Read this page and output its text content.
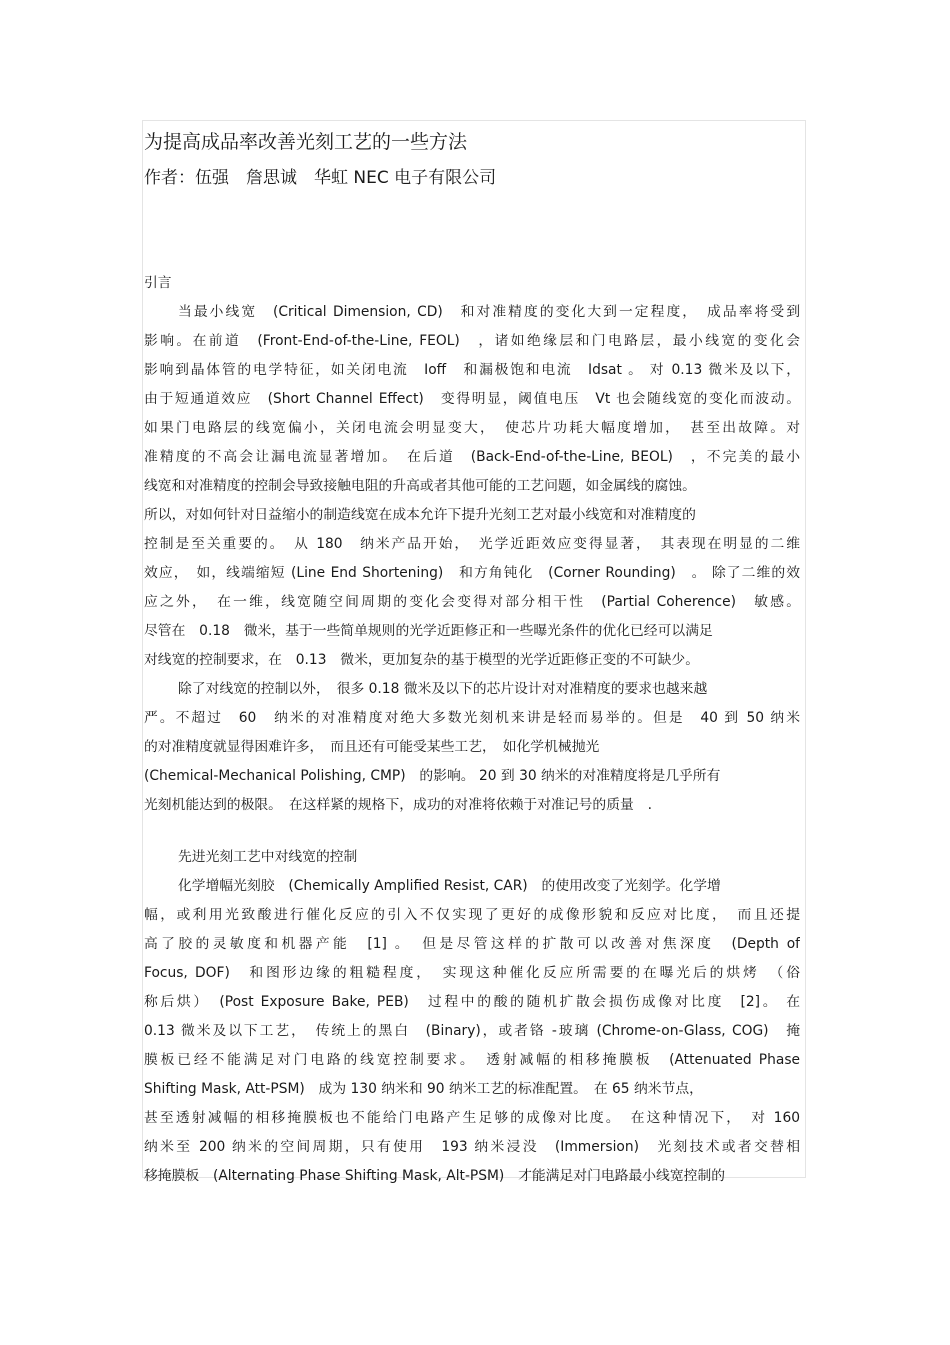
为提高成品率改善光刻工艺的一些方法
作者：伍强　詹思诚　华虹 NEC 电子有限公司
引言
当最小线宽　(Critical Dimension, CD)　和对准精度的变化大到一定程度，　成品率将受到
影响。在前道　(Front-End-of-the-Line, FEOL)　，诸如绝缘层和门电路层，最小线宽的变化会
影响到晶体管的电学特征，如关闭电流　Ioff　和漏极饱和电流　Idsat 。 对 0.13 微米及以下，
由于短通道效应　(Short Channel Effect)　变得明显，阈值电压　Vt 也会随线宽的变化而波动。
如果门电路层的线宽偏小，关闭电流会明显变大，　使芯片功耗大幅度增加，　甚至出故障。对
准精度的不高会让漏电流显著增加。　在后道　(Back-End-of-the-Line, BEOL)　，不完美的最小
线宽和对准精度的控制会导致接触电阻的升高或者其他可能的工艺问题，如金属线的腐蚀。
所以，对如何针对日益缩小的制造线宽在成本允许下提升光刻工艺对最小线宽和对准精度的
控制是至关重要的。　从 180　纳米产品开始，　光学近距效应变得显著，　其表现在明显的二维
效应，　如，线端缩短 (Line End Shortening)　和方角钝化　(Corner Rounding)　。 除了二维的效
应之外，　在一维，线宽随空间周期的变化会变得对部分相干性　(Partial Coherence)　敏感。
尽管在　0.18　微米，基于一些简单规则的光学近距修正和一些曝光条件的优化已经可以满足
对线宽的控制要求，在　0.13　微米，更加复杂的基于模型的光学近距修正变的不可缺少。
除了对线宽的控制以外，　很多 0.18 微米及以下的芯片设计对对准精度的要求也越来越
严。不超过　60　纳米的对准精度对绝大多数光刻机来讲是轻而易举的。但是　40 到 50 纳米
的对准精度就显得困难许多，　而且还有可能受某些工艺，　如化学机械抛光
(Chemical-Mechanical Polishing, CMP)　的影响。 20 到 30 纳米的对准精度将是几乎所有
光刻机能达到的极限。　在这样紧的规格下，成功的对准将依赖于对准记号的质量　.
先进光刻工艺中对线宽的控制
化学增幅光刻胶　(Chemically Amplified Resist, CAR)　的使用改变了光刻学。化学增
幅，或利用光致酸进行催化反应的引入不仅实现了更好的成像形貌和反应对比度，　而且还提
高了胶的灵敏度和机器产能　[1] 。　但是尽管这样的扩散可以改善对焦深度　(Depth of
Focus, DOF)　和图形边缘的粗糙程度，　实现这种催化反应所需要的在曝光后的烘烤　（俗
称后烘）　(Post Exposure Bake, PEB)　过程中的酸的随机扩散会损伤成像对比度　[2]。 在
0.13 微米及以下工艺，　传统上的黑白　(Binary)，或者铬 -玻璃 (Chrome-on-Glass, COG)　掩
膜板已经不能满足对门电路的线宽控制要求。　透射减幅的相移掩膜板　(Attenuated Phase
Shifting Mask, Att-PSM)　成为 130 纳米和 90 纳米工艺的标准配置。　在 65 纳米节点，
甚至透射减幅的相移掩膜板也不能给门电路产生足够的成像对比度。　在这种情况下，　对 160
纳米至 200 纳米的空间周期，只有使用　193 纳米浸没　(Immersion)　光刻技术或者交替相
移掩膜板　(Alternating Phase Shifting Mask, Alt-PSM)　才能满足对门电路最小线宽控制的
